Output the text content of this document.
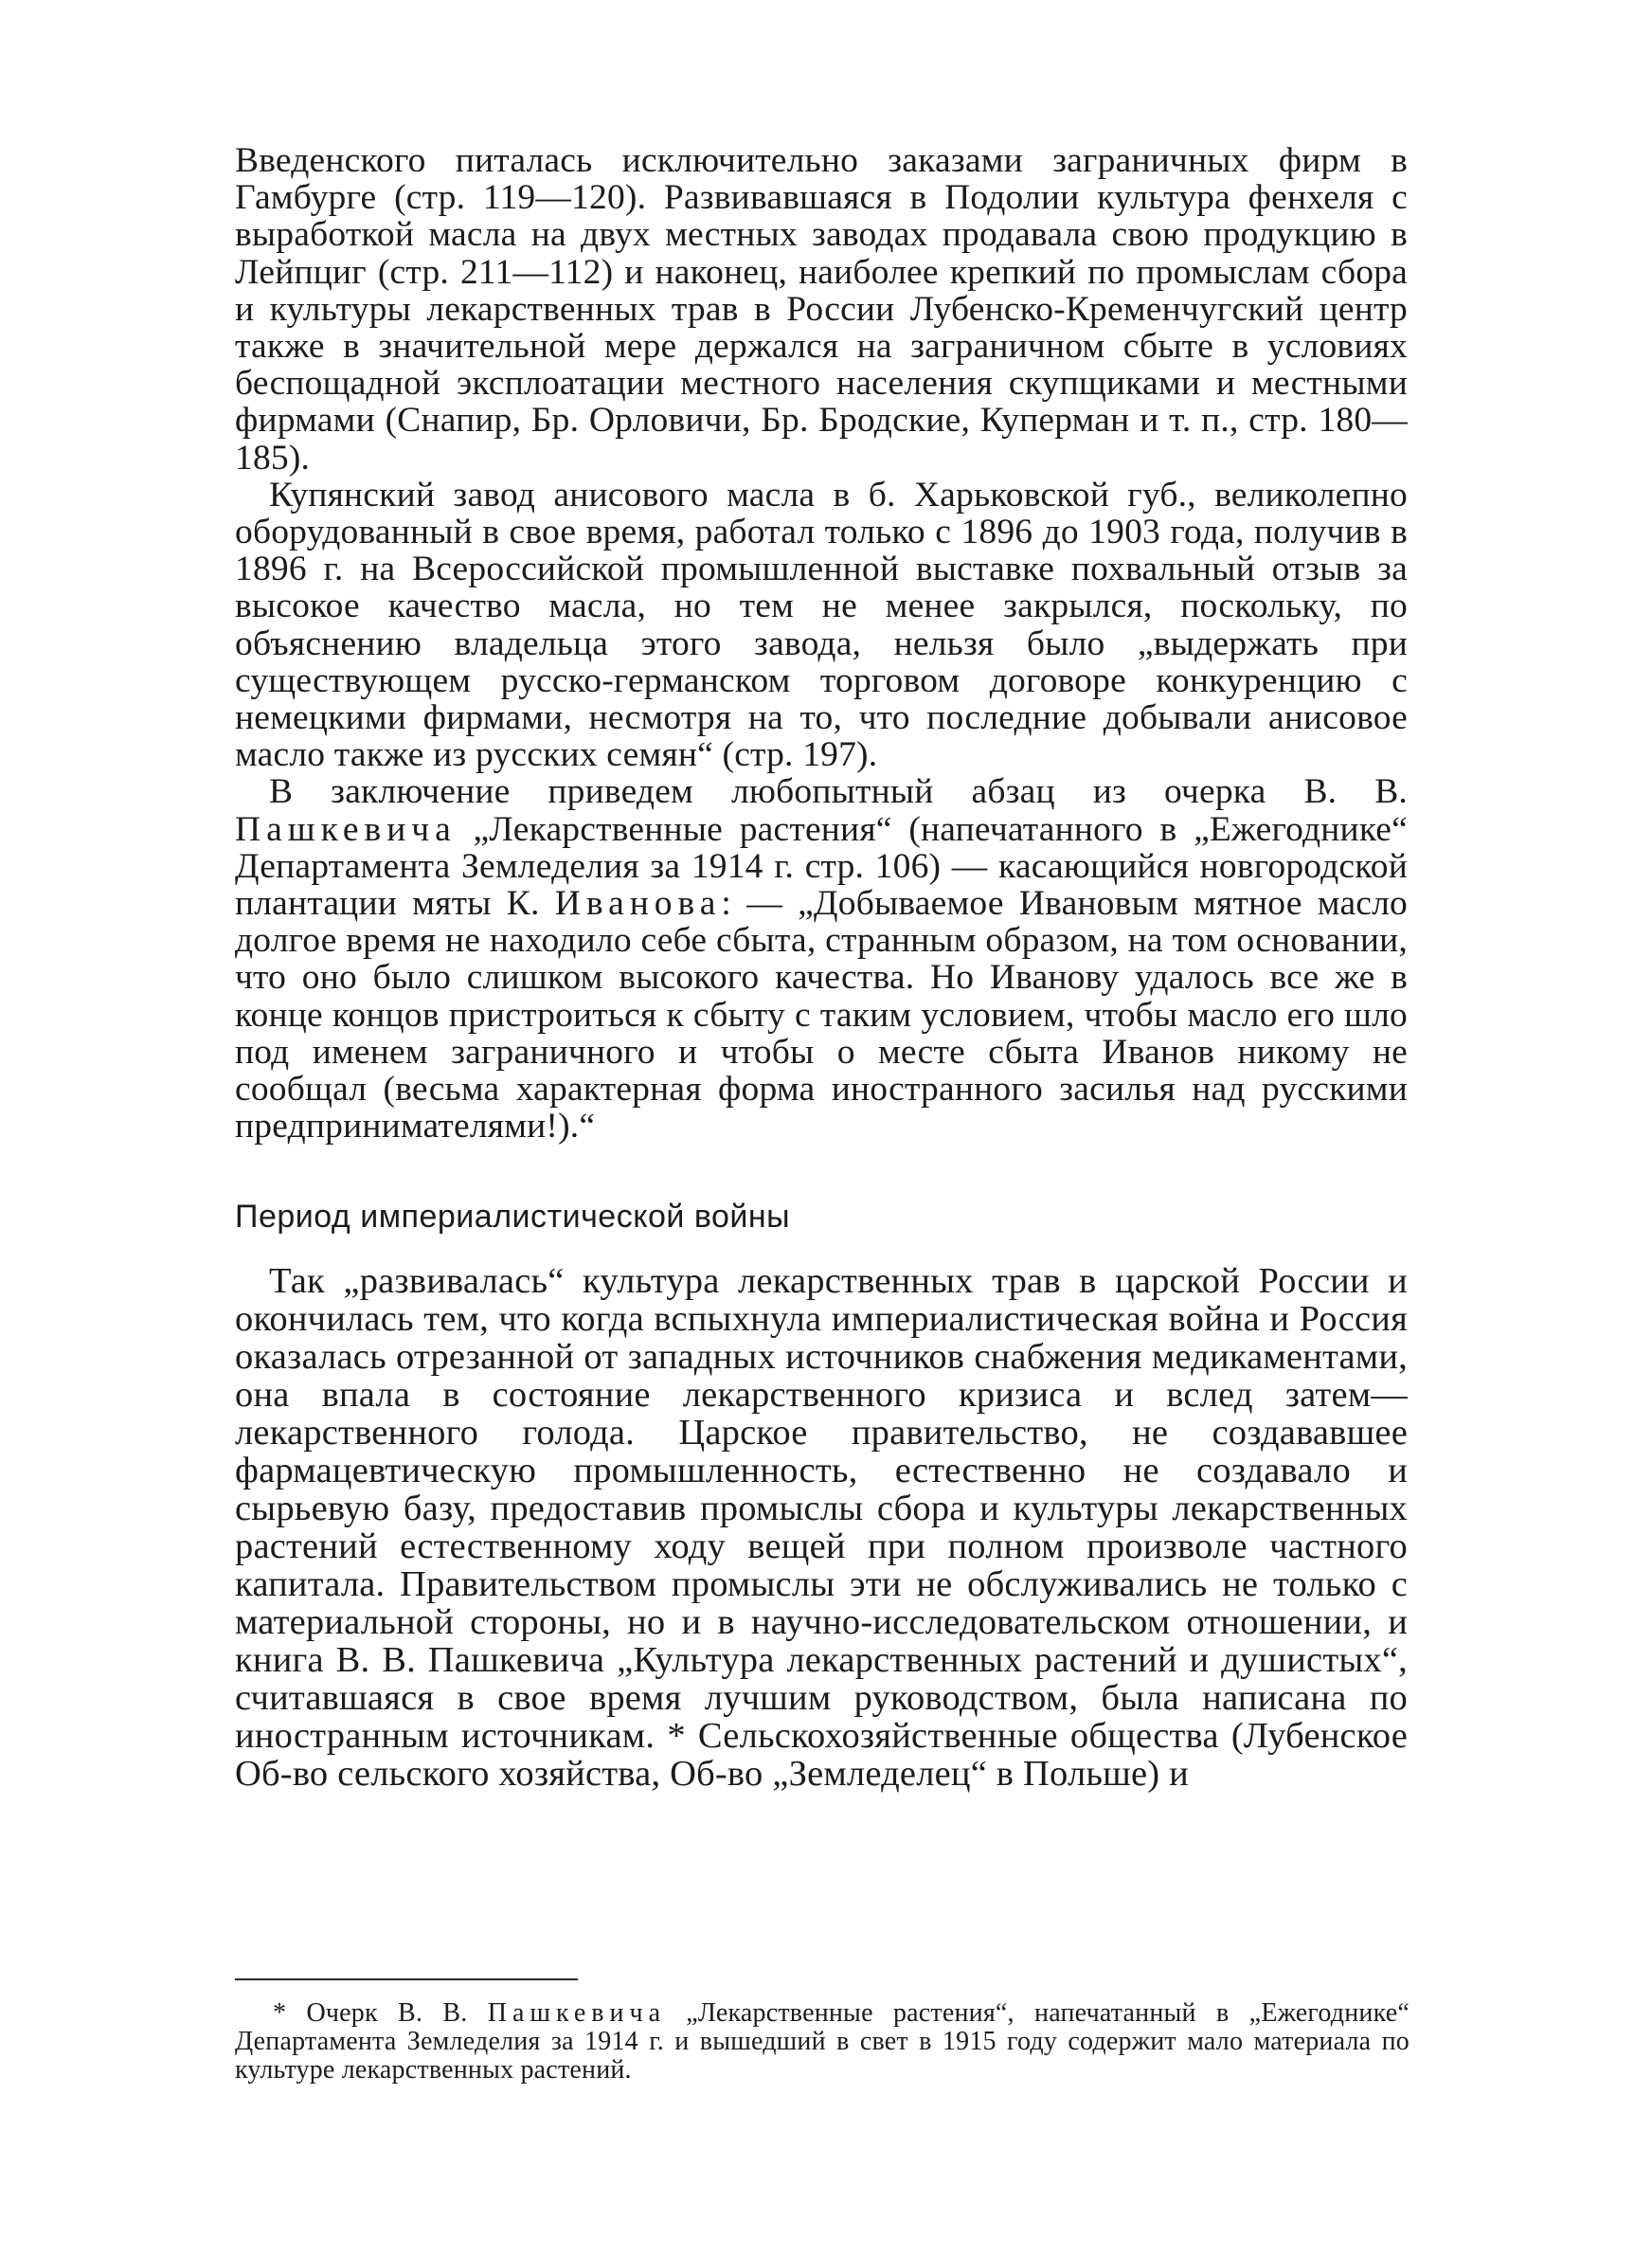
Введенского питалась исключительно заказами заграничных фирм в Гамбурге (стр. 119—120). Развивавшаяся в Подолии культура фенхеля с выработкой масла на двух местных заводах продавала свою продукцию в Лейпциг (стр. 211—112) и наконец, наиболее крепкий по промыслам сбора и культуры лекарственных трав в России Лубенско-Кременчугский центр также в значительной мере держался на заграничном сбыте в условиях беспощадной эксплоатации местного населения скупщиками и местными фирмами (Снапир, Бр. Орловичи, Бр. Бродские, Куперман и т. п., стр. 180—185).

Купянский завод анисового масла в б. Харьковской губ., великолепно оборудованный в свое время, работал только с 1896 до 1903 года, получив в 1896 г. на Всероссийской промышленной выставке похвальный отзыв за высокое качество масла, но тем не менее закрылся, поскольку, по объяснению владельца этого завода, нельзя было „выдержать при существующем русско-германском торговом договоре конкуренцию с немецкими фирмами, несмотря на то, что последние добывали анисовое масло также из русских семян“ (стр. 197).

В заключение приведем любопытный абзац из очерка В. В. Пашкевича „Лекарственные растения“ (напечатанного в „Ежегоднике“ Департамента Земледелия за 1914 г. стр. 106) — касающийся новгородской плантации мяты К. Иванова: — „Добываемое Ивановым мятное масло долгое время не находило себе сбыта, странным образом, на том основании, что оно было слишком высокого качества. Но Иванову удалось все же в конце концов пристроиться к сбыту с таким условием, чтобы масло его шло под именем заграничного и чтобы о месте сбыта Иванов никому не сообщал (весьма характерная форма иностранного засилья над русскими предпринимателями!).“

Период империалистической войны

Так „развивалась“ культура лекарственных трав в царской России и окончилась тем, что когда вспыхнула империалистическая война и Россия оказалась отрезанной от западных источников снабжения медикаментами, она впала в состояние лекарственного кризиса и вслед затем—лекарственного голода. Царское правительство, не создававшее фармацевтическую промышленность, естественно не создавало и сырьевую базу, предоставив промыслы сбора и культуры лекарственных растений естественному ходу вещей при полном произволе частного капитала. Правительством промыслы эти не обслуживались не только с материальной стороны, но и в научно-исследовательском отношении, и книга В. В. Пашкевича „Культура лекарственных растений и душистых“, считавшаяся в свое время лучшим руководством, была написана по иностранным источникам. * Сельскохозяйственные общества (Лубенское Об-во сельского хозяйства, Об-во „Земледелец“ в Польше) и

* Очерк В. В. Пашкевича „Лекарственные растения“, напечатанный в „Ежегоднике“ Департамента Земледелия за 1914 г. и вышедший в свет в 1915 году содержит мало материала по культуре лекарственных растений.
